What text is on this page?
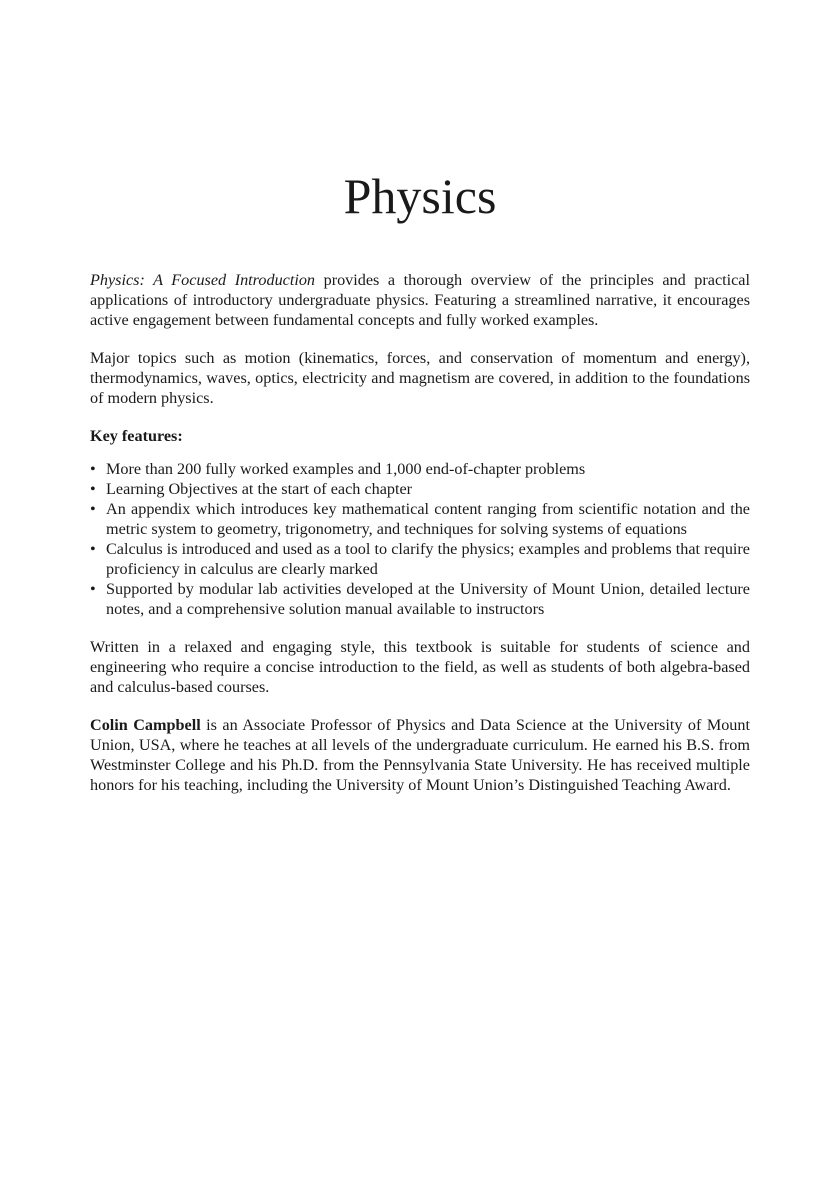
Physics

Physics: A Focused Introduction provides a thorough overview of the principles and practical applications of introductory undergraduate physics. Featuring a streamlined narrative, it encourages active engagement between fundamental concepts and fully worked examples.

Major topics such as motion (kinematics, forces, and conservation of momentum and energy), thermodynamics, waves, optics, electricity and magnetism are covered, in addition to the foundations of modern physics.

Key features:

• More than 200 fully worked examples and 1,000 end-of-chapter problems
• Learning Objectives at the start of each chapter
• An appendix which introduces key mathematical content ranging from scientific notation and the metric system to geometry, trigonometry, and techniques for solving systems of equations
• Calculus is introduced and used as a tool to clarify the physics; examples and problems that require proficiency in calculus are clearly marked
• Supported by modular lab activities developed at the University of Mount Union, detailed lecture notes, and a comprehensive solution manual available to instructors

Written in a relaxed and engaging style, this textbook is suitable for students of science and engineering who require a concise introduction to the field, as well as students of both algebra-based and calculus-based courses.

Colin Campbell is an Associate Professor of Physics and Data Science at the University of Mount Union, USA, where he teaches at all levels of the undergraduate curriculum. He earned his B.S. from Westminster College and his Ph.D. from the Pennsylvania State University. He has received multiple honors for his teaching, including the University of Mount Union’s Distinguished Teaching Award.
